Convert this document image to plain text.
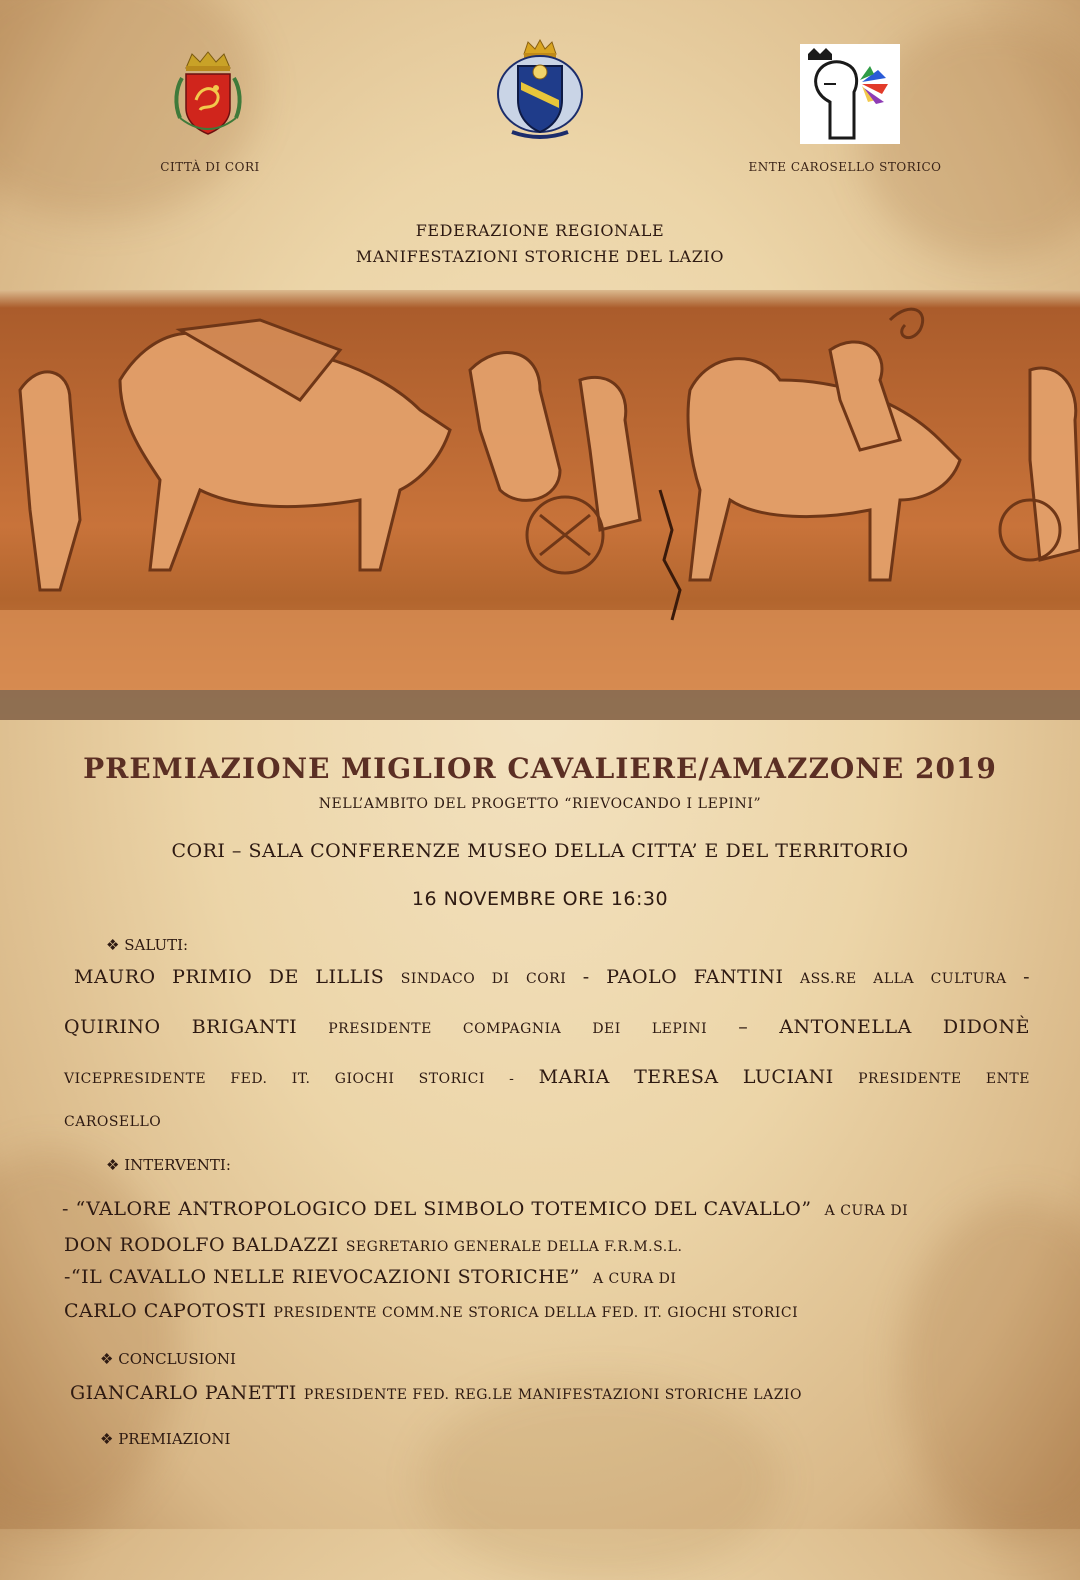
CITTÀ DI CORI	ENTE CAROSELLO STORICO
FEDERAZIONE REGIONALE
MANIFESTAZIONI STORICHE DEL LAZIO
PREMIAZIONE MIGLIOR CAVALIERE/AMAZZONE 2019
NELL’AMBITO DEL PROGETTO “RIEVOCANDO I LEPINI”
CORI – SALA CONFERENZE MUSEO DELLA CITTA’ E DEL TERRITORIO
16 NOVEMBRE ORE 16:30
❖ SALUTI:
MAURO PRIMIO DE LILLIS SINDACO DI CORI - PAOLO FANTINI ASS.RE ALLA CULTURA -
QUIRINO BRIGANTI PRESIDENTE COMPAGNIA DEI LEPINI – ANTONELLA DIDONÈ
VICEPRESIDENTE FED. IT. GIOCHI STORICI - MARIA TERESA LUCIANI PRESIDENTE ENTE
CAROSELLO
❖ INTERVENTI:
- “VALORE ANTROPOLOGICO DEL SIMBOLO TOTEMICO DEL CAVALLO” A CURA DI
DON RODOLFO BALDAZZI SEGRETARIO GENERALE DELLA F.R.M.S.L.
-“IL CAVALLO NELLE RIEVOCAZIONI STORICHE” A CURA DI
CARLO CAPOTOSTI PRESIDENTE COMM.NE STORICA DELLA FED. IT. GIOCHI STORICI
❖ CONCLUSIONI
GIANCARLO PANETTI PRESIDENTE FED. REG.LE MANIFESTAZIONI STORICHE LAZIO
❖ PREMIAZIONI
